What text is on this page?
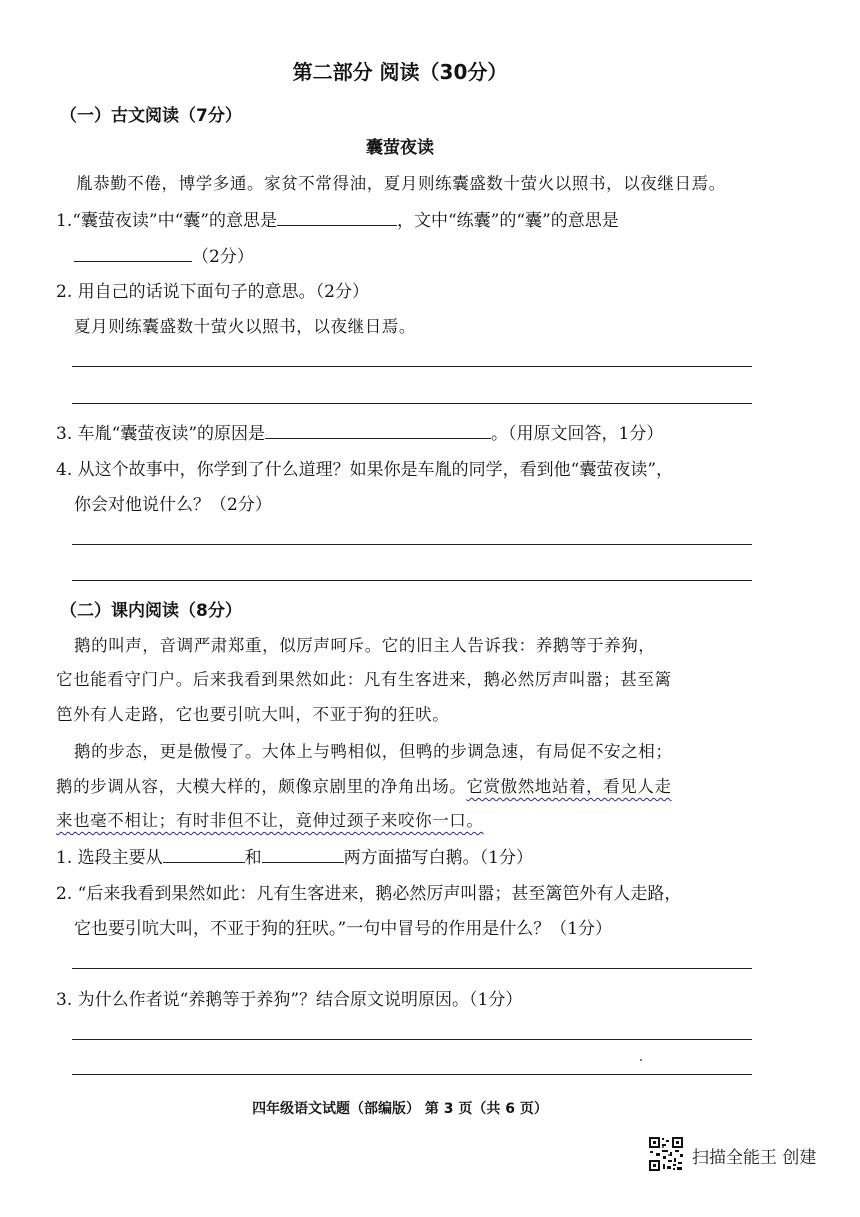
第二部分 阅读（30分）
（一）古文阅读（7分）
囊萤夜读
胤恭勤不倦，博学多通。家贫不常得油，夏月则练囊盛数十萤火以照书，以夜继日焉。
1.“囊萤夜读”中“囊”的意思是	，文中“练囊”的“囊”的意思是
（2分）
2. 用自己的话说下面句子的意思。（2分）
夏月则练囊盛数十萤火以照书，以夜继日焉。
3. 车胤“囊萤夜读”的原因是	。（用原文回答，1分）
4. 从这个故事中，你学到了什么道理？如果你是车胤的同学，看到他“囊萤夜读”，
你会对他说什么？（2分）
（二）课内阅读（8分）
鹅的叫声，音调严肃郑重，似厉声呵斥。它的旧主人告诉我：养鹅等于养狗，
它也能看守门户。后来我看到果然如此：凡有生客进来，鹅必然厉声叫嚣；甚至篱
笆外有人走路，它也要引吭大叫，不亚于狗的狂吠。
鹅的步态，更是傲慢了。大体上与鸭相似，但鸭的步调急速，有局促不安之相；
鹅的步调从容，大模大样的，颇像京剧里的净角出场。它赏傲然地站着，看见人走
来也毫不相让；有时非但不让，竟伸过颈子来咬你一口。
1. 选段主要从	和	两方面描写白鹅。（1分）
2. “后来我看到果然如此：凡有生客进来，鹅必然厉声叫嚣；甚至篱笆外有人走路，
它也要引吭大叫，不亚于狗的狂吠。”一句中冒号的作用是什么？（1分）
3. 为什么作者说“养鹅等于养狗”？结合原文说明原因。（1分）
四年级语文试题（部编版） 第 3 页（共 6 页）
扫描全能王 创建
